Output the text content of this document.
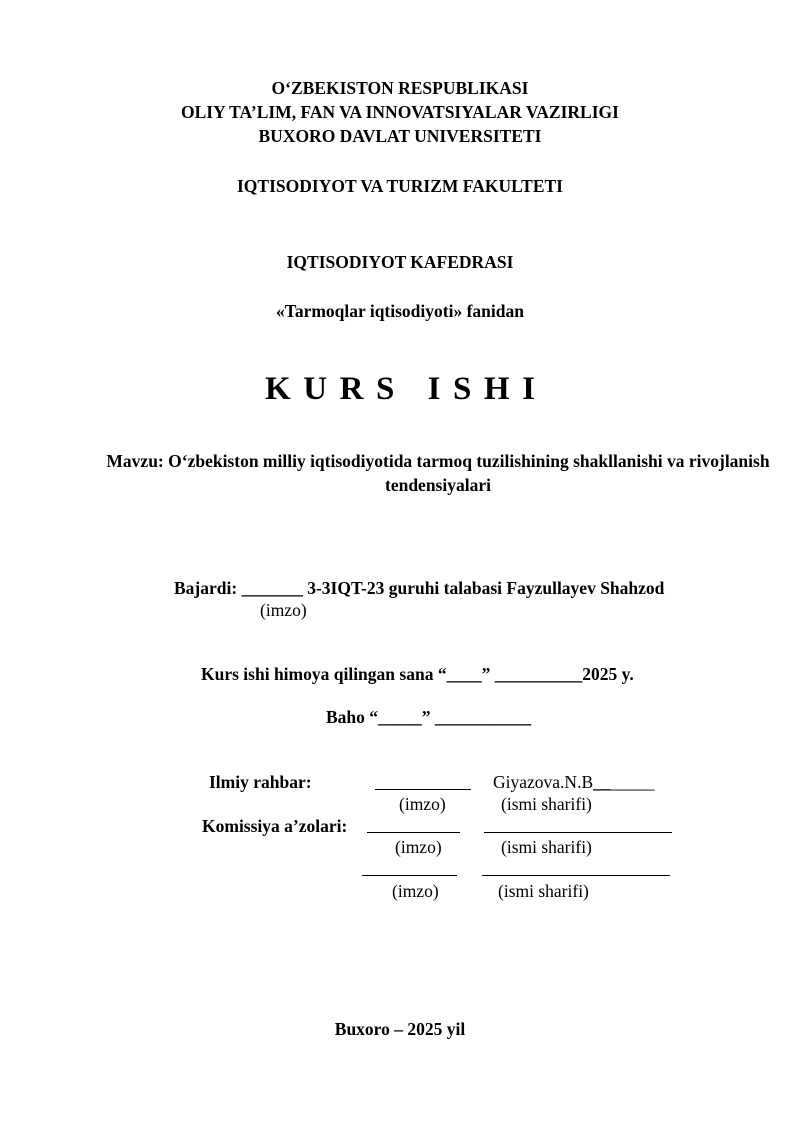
O‘ZBEKISTON RESPUBLIKASI
OLIY TA’LIM, FAN VA INNOVATSIYALAR VAZIRLIGI
BUXORO DAVLAT UNIVERSITETI
IQTISODIYOT VA TURIZM FAKULTETI
IQTISODIYOT KAFEDRASI
«Tarmoqlar iqtisodiyoti» fanidan
KURS ISHI
Mavzu: O‘zbekiston milliy iqtisodiyotida tarmoq tuzilishining shakllanishi va rivojlanish tendensiyalari
Bajardi: _______ 3-3IQT-23 guruhi talabasi Fayzullayev Shahzod
(imzo)
Kurs ishi himoya qilingan sana “____” __________2025 y.
Baho “_____” ___________
Ilmiy rahbar:	Giyazova.N.B_______
(imzo)	(ismi sharifi)
Komissiya a’zolari:
(imzo)	(ismi sharifi)
(imzo)	(ismi sharifi)
Buxoro – 2025 yil
